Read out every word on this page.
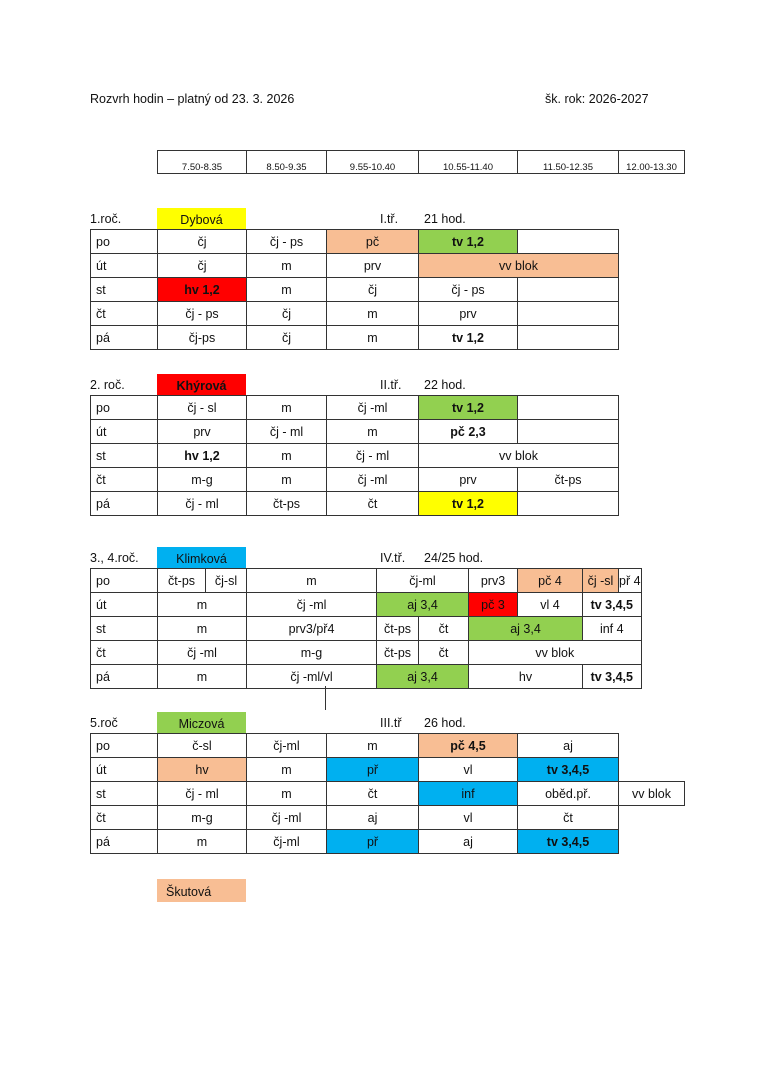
Rozvrh hodin – platný od 23. 3. 2026	šk. rok: 2026-2027
7.50-8.35	8.50-9.35	9.55-10.40	10.55-11.40	11.50-12.35	12.00-13.30
1.roč.	Dybová	I.tř. 21 hod.
po	čj	čj - ps	pč	tv 1,2	
út	čj	m	prv	vv blok	
st	hv 1,2	m	čj	čj - ps	
čt	čj - ps	čj	m	prv	
pá	čj-ps	čj	m	tv 1,2	
2. roč.	Khýrová	II.tř. 22 hod.
po	čj - sl	m	čj -ml	tv 1,2	
út	prv	čj - ml	m	pč 2,3	
st	hv 1,2	m	čj - ml	vv blok	
čt	m-g	m	čj -ml	prv	čt-ps
pá	čj - ml	čt-ps	čt	tv 1,2	
3., 4.roč.	Klimková	IV.tř. 24/25 hod.
po	čt-ps	čj-sl	m	čj-ml		prv3	pč 4	čj -sl	př 4
út	m		čj -ml	aj 3,4		pč 3	vl 4	tv 3,4,5	
st	m		prv3/př4	čt-ps	čt	aj 3,4		inf 4	
čt	čj -ml		m-g	čt-ps	čt	vv blok			
pá	m		čj -ml/vl	aj 3,4		hv		tv 3,4,5	
5.roč	Miczová	III.tř 26 hod.
po	č-sl	čj-ml	m	pč 4,5	aj	
út	hv	m	př	vl	tv 3,4,5	
st	čj - ml	m	čt	inf	oběd.př.	vv blok
čt	m-g	čj -ml	aj	vl	čt	
pá	m	čj-ml	př	aj	tv 3,4,5	
Škutová
